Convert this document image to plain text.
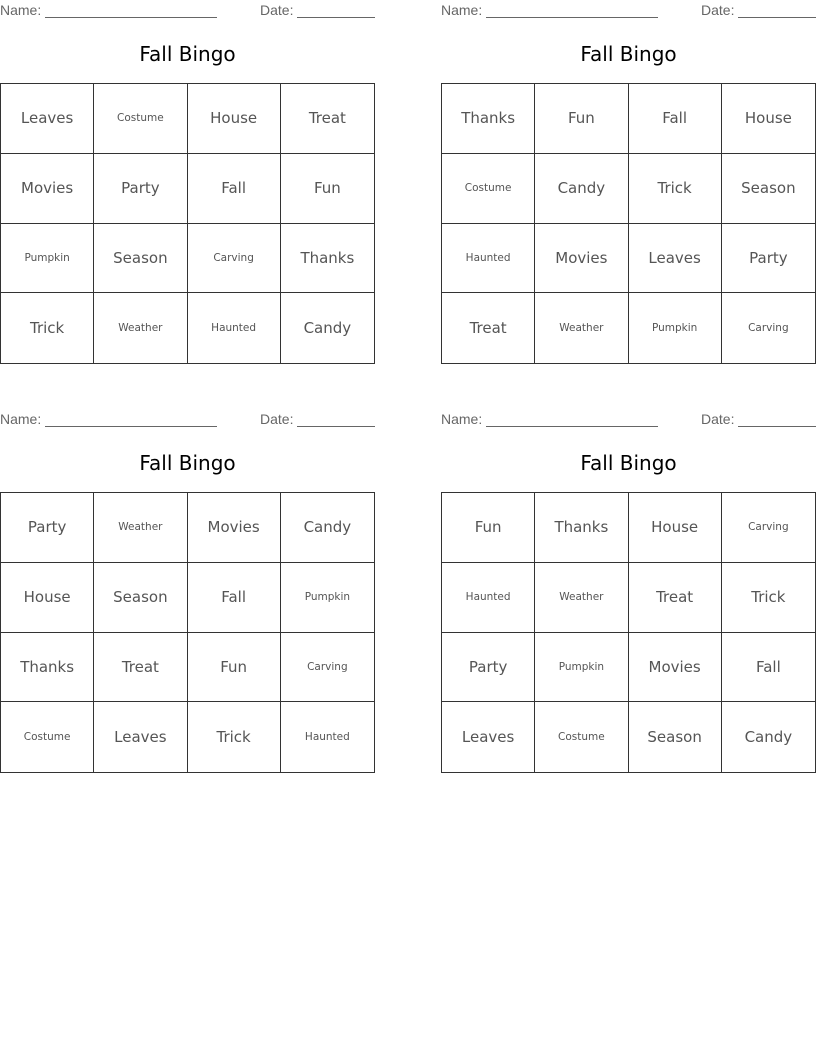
Name:	Date:
Fall Bingo
Leaves	Costume	House	Treat
Movies	Party	Fall	Fun
Pumpkin	Season	Carving	Thanks
Trick	Weather	Haunted	Candy
Name:	Date:
Fall Bingo
Thanks	Fun	Fall	House
Costume	Candy	Trick	Season
Haunted	Movies	Leaves	Party
Treat	Weather	Pumpkin	Carving
Name:	Date:
Fall Bingo
Party	Weather	Movies	Candy
House	Season	Fall	Pumpkin
Thanks	Treat	Fun	Carving
Costume	Leaves	Trick	Haunted
Name:	Date:
Fall Bingo
Fun	Thanks	House	Carving
Haunted	Weather	Treat	Trick
Party	Pumpkin	Movies	Fall
Leaves	Costume	Season	Candy
